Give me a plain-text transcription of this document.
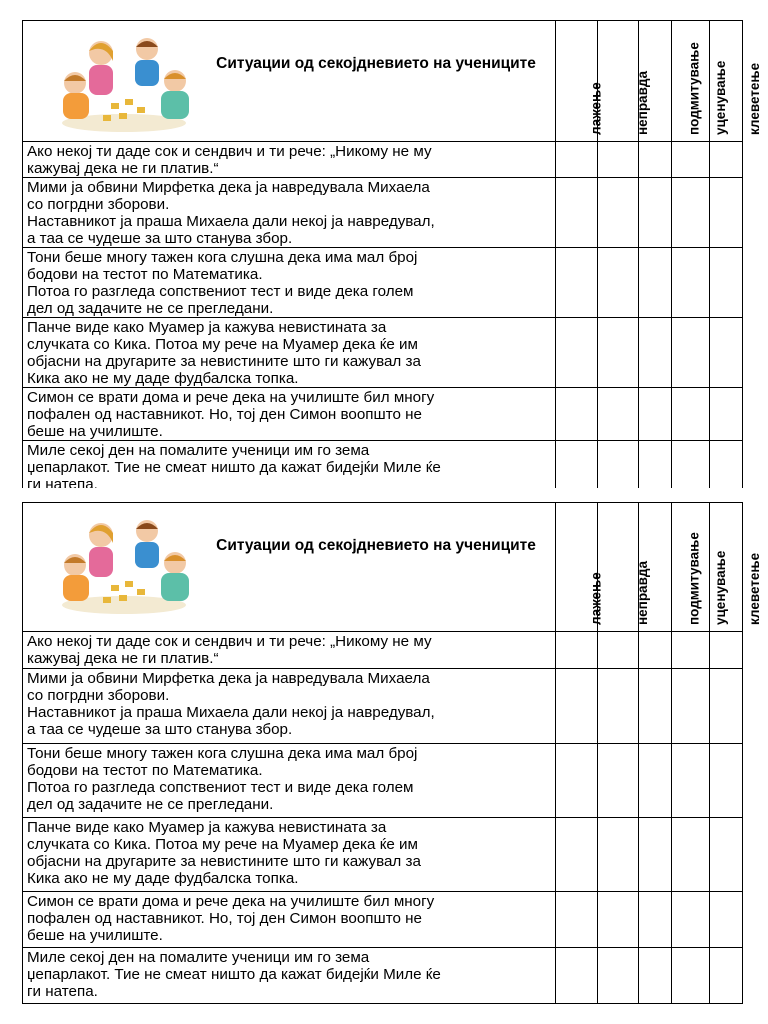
Ситуации од секојдневието на учениците	лажење	неправда	подмитување	уценување	клеветење

Ако некој ти даде сок и сендвич и ти рече: „Никому не му
кажувај дека не ги платив.“					

Мими ја обвини Мирфетка дека ја навредувала Михаела
со погрдни зборови.
Наставникот ја праша Михаела дали некој ја навредувал,
а таа се чудеше за што станува збор.					

Тони беше многу тажен кога слушна дека има мал број
бодови на тестот по Математика.
Потоа го разгледа сопствениот тест и виде дека голем
дел од задачите не се прегледани.					

Панче виде како Муамер ја кажува невистината за
случката со Кика. Потоа му рече на Муамер дека ќе им
објасни на другарите за невистините што ги кажувал за
Кика ако не му даде фудбалска топка.					

Симон се врати дома и рече дека на училиште бил многу
пофален од наставникот. Но, тој ден Симон воопшто не
беше на училиште.					

Миле секој ден на помалите ученици им го зема
џепарлакот. Тие не смеат ништо да кажат бидејќи Миле ќе
ги натепа.					

Ситуации од секојдневието на учениците	лажење	неправда	подмитување	уценување	клеветење

Ако некој ти даде сок и сендвич и ти рече: „Никому не му
кажувај дека не ги платив.“					

Мими ја обвини Мирфетка дека ја навредувала Михаела
со погрдни зборови.
Наставникот ја праша Михаела дали некој ја навредувал,
а таа се чудеше за што станува збор.					

Тони беше многу тажен кога слушна дека има мал број
бодови на тестот по Математика.
Потоа го разгледа сопствениот тест и виде дека голем
дел од задачите не се прегледани.					

Панче виде како Муамер ја кажува невистината за
случката со Кика. Потоа му рече на Муамер дека ќе им
објасни на другарите за невистините што ги кажувал за
Кика ако не му даде фудбалска топка.					

Симон се врати дома и рече дека на училиште бил многу
пофален од наставникот. Но, тој ден Симон воопшто не
беше на училиште.					

Миле секој ден на помалите ученици им го зема
џепарлакот. Тие не смеат ништо да кажат бидејќи Миле ќе
ги натепа.					
